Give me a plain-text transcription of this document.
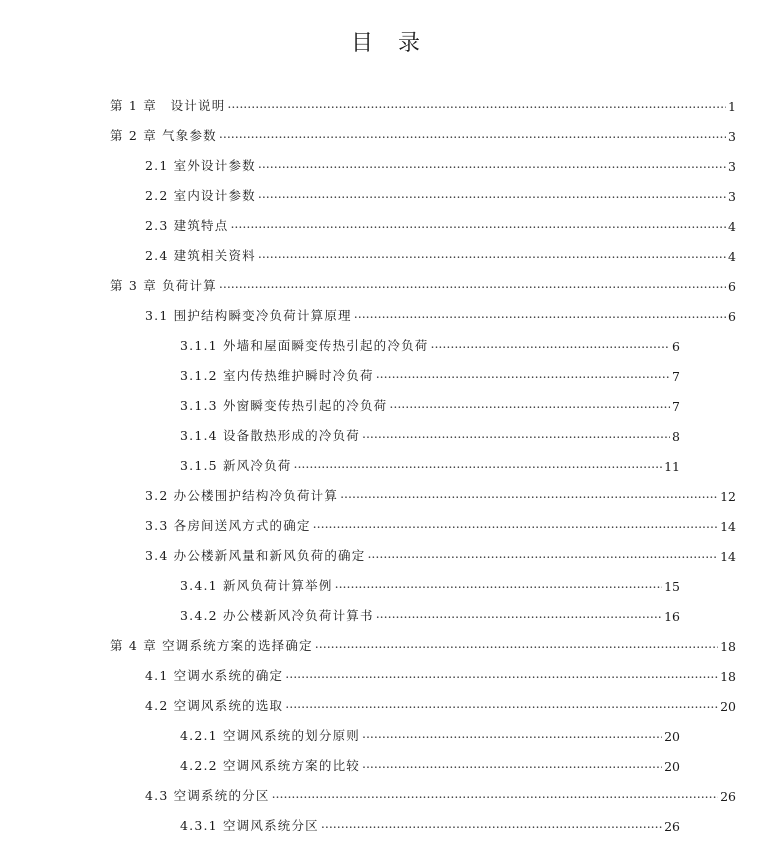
目 录
第 1 章　设计说明 .....	1
第 2 章 气象参数 .....	3
2.1 室外设计参数 .....	3
2.2 室内设计参数 .....	3
2.3 建筑特点 .....	4
2.4 建筑相关资料 .....	4
第 3 章 负荷计算 .....	6
3.1 围护结构瞬变冷负荷计算原理 .....	6
3.1.1 外墙和屋面瞬变传热引起的冷负荷 .....	6
3.1.2 室内传热维护瞬时冷负荷 .....	7
3.1.3 外窗瞬变传热引起的冷负荷 .....	7
3.1.4 设备散热形成的冷负荷 .....	8
3.1.5 新风冷负荷 .....	11
3.2 办公楼围护结构冷负荷计算 .....	12
3.3 各房间送风方式的确定 .....	14
3.4 办公楼新风量和新风负荷的确定 .....	14
3.4.1 新风负荷计算举例 .....	15
3.4.2 办公楼新风冷负荷计算书 .....	16
第 4 章 空调系统方案的选择确定 .....	18
4.1 空调水系统的确定 .....	18
4.2 空调风系统的选取 .....	20
4.2.1 空调风系统的划分原则 .....	20
4.2.2 空调风系统方案的比较 .....	20
4.3 空调系统的分区 .....	26
4.3.1 空调风系统分区 .....	26
